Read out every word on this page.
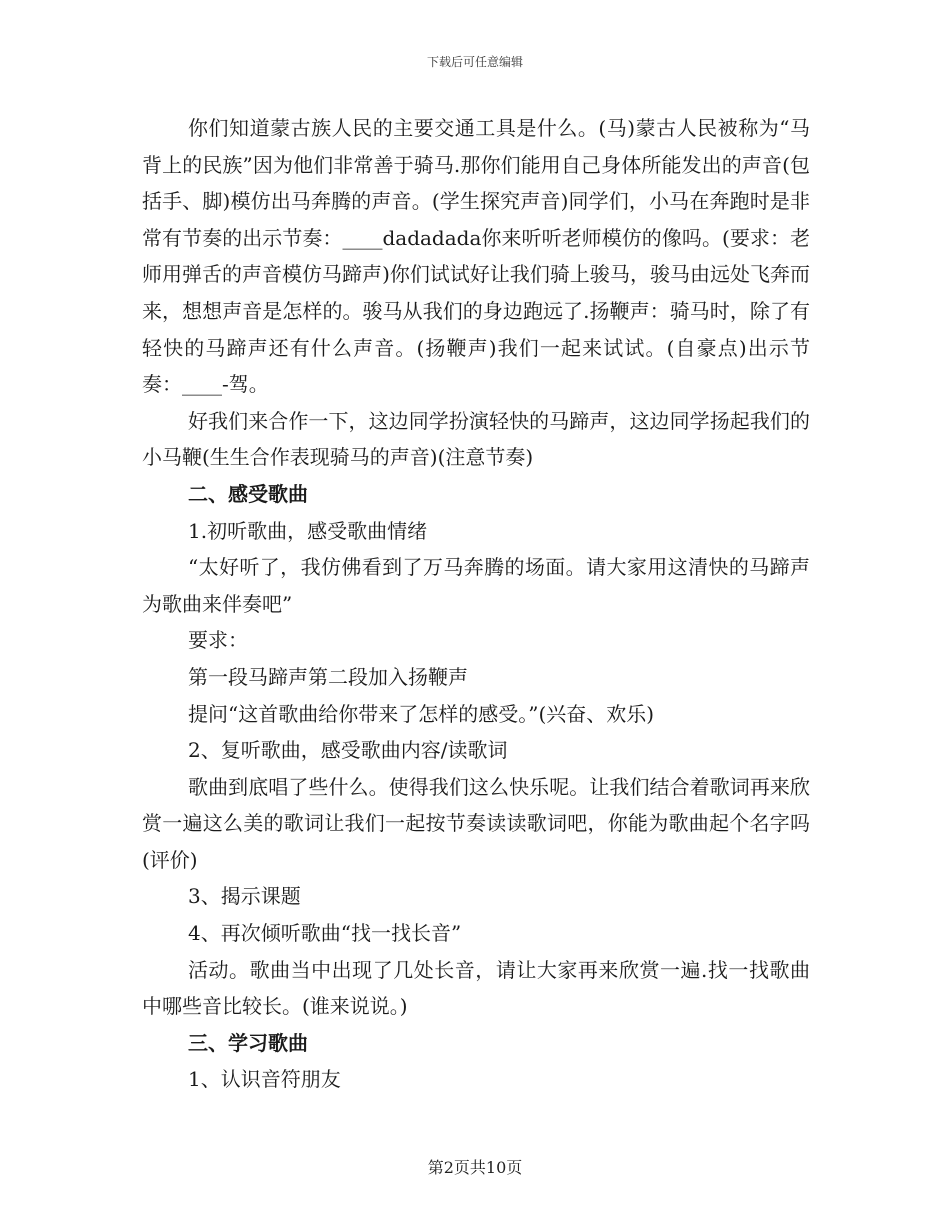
下载后可任意编辑

你们知道蒙古族人民的主要交通工具是什么。(马)蒙古人民被称为“马背上的民族”因为他们非常善于骑马.那你们能用自己身体所能发出的声音(包括手、脚)模仿出马奔腾的声音。(学生探究声音)同学们，小马在奔跑时是非常有节奏的出示节奏：____dadadada你来听听老师模仿的像吗。(要求：老师用弹舌的声音模仿马蹄声)你们试试好让我们骑上骏马，骏马由远处飞奔而来，想想声音是怎样的。骏马从我们的身边跑远了.扬鞭声：骑马时，除了有轻快的马蹄声还有什么声音。(扬鞭声)我们一起来试试。(自豪点)出示节奏：____-驾。

好我们来合作一下，这边同学扮演轻快的马蹄声，这边同学扬起我们的小马鞭(生生合作表现骑马的声音)(注意节奏)

二、感受歌曲

1.初听歌曲，感受歌曲情绪

“太好听了，我仿佛看到了万马奔腾的场面。请大家用这清快的马蹄声为歌曲来伴奏吧”

要求：

第一段马蹄声第二段加入扬鞭声

提问“这首歌曲给你带来了怎样的感受。”(兴奋、欢乐)

2、复听歌曲，感受歌曲内容/读歌词

歌曲到底唱了些什么。使得我们这么快乐呢。让我们结合着歌词再来欣赏一遍这么美的歌词让我们一起按节奏读读歌词吧，你能为歌曲起个名字吗(评价)

3、揭示课题

4、再次倾听歌曲“找一找长音”

活动。歌曲当中出现了几处长音，请让大家再来欣赏一遍.找一找歌曲中哪些音比较长。(谁来说说。)

三、学习歌曲

1、认识音符朋友

第2页共10页
